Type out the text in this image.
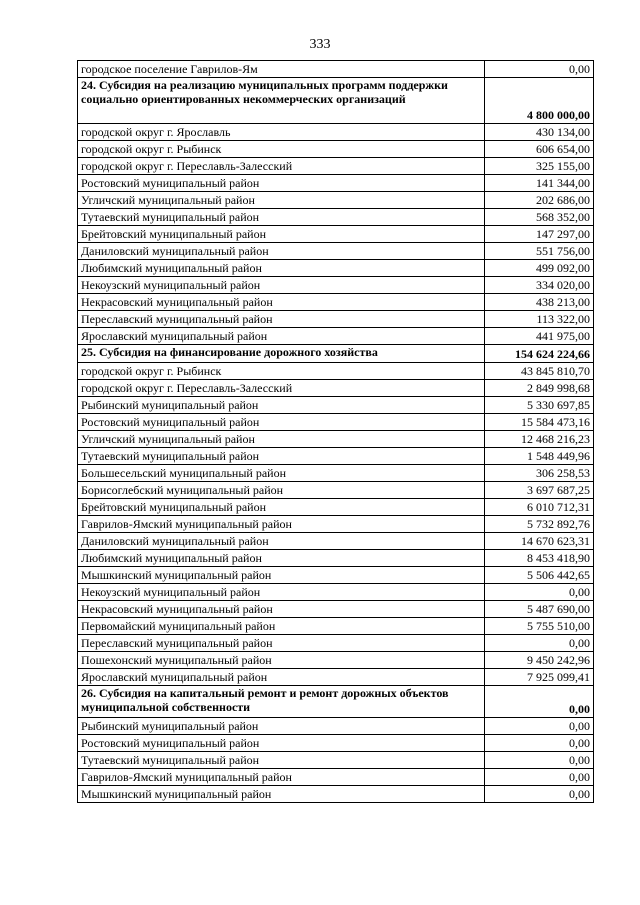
333
городское поселение Гаврилов-Ям	0,00
24. Субсидия на реализацию муниципальных программ поддержки социально ориентированных некоммерческих организаций	4 800 000,00
городской округ г. Ярославль	430 134,00
городской округ г. Рыбинск	606 654,00
городской округ г. Переславль-Залесский	325 155,00
Ростовский муниципальный район	141 344,00
Угличский муниципальный район	202 686,00
Тутаевский муниципальный район	568 352,00
Брейтовский муниципальный район	147 297,00
Даниловский муниципальный район	551 756,00
Любимский муниципальный район	499 092,00
Некоузский муниципальный район	334 020,00
Некрасовский муниципальный район	438 213,00
Переславский муниципальный район	113 322,00
Ярославский муниципальный район	441 975,00
25. Субсидия на финансирование дорожного хозяйства	154 624 224,66
городской округ г. Рыбинск	43 845 810,70
городской округ г. Переславль-Залесский	2 849 998,68
Рыбинский муниципальный район	5 330 697,85
Ростовский муниципальный район	15 584 473,16
Угличский муниципальный район	12 468 216,23
Тутаевский муниципальный район	1 548 449,96
Большесельский муниципальный район	306 258,53
Борисоглебский муниципальный район	3 697 687,25
Брейтовский муниципальный район	6 010 712,31
Гаврилов-Ямский муниципальный район	5 732 892,76
Даниловский муниципальный район	14 670 623,31
Любимский муниципальный район	8 453 418,90
Мышкинский муниципальный район	5 506 442,65
Некоузский муниципальный район	0,00
Некрасовский муниципальный район	5 487 690,00
Первомайский муниципальный район	5 755 510,00
Переславский муниципальный район	0,00
Пошехонский муниципальный район	9 450 242,96
Ярославский муниципальный район	7 925 099,41
26. Субсидия на капитальный ремонт и ремонт дорожных объектов муниципальной собственности	0,00
Рыбинский муниципальный район	0,00
Ростовский муниципальный район	0,00
Тутаевский муниципальный район	0,00
Гаврилов-Ямский муниципальный район	0,00
Мышкинский муниципальный район	0,00
